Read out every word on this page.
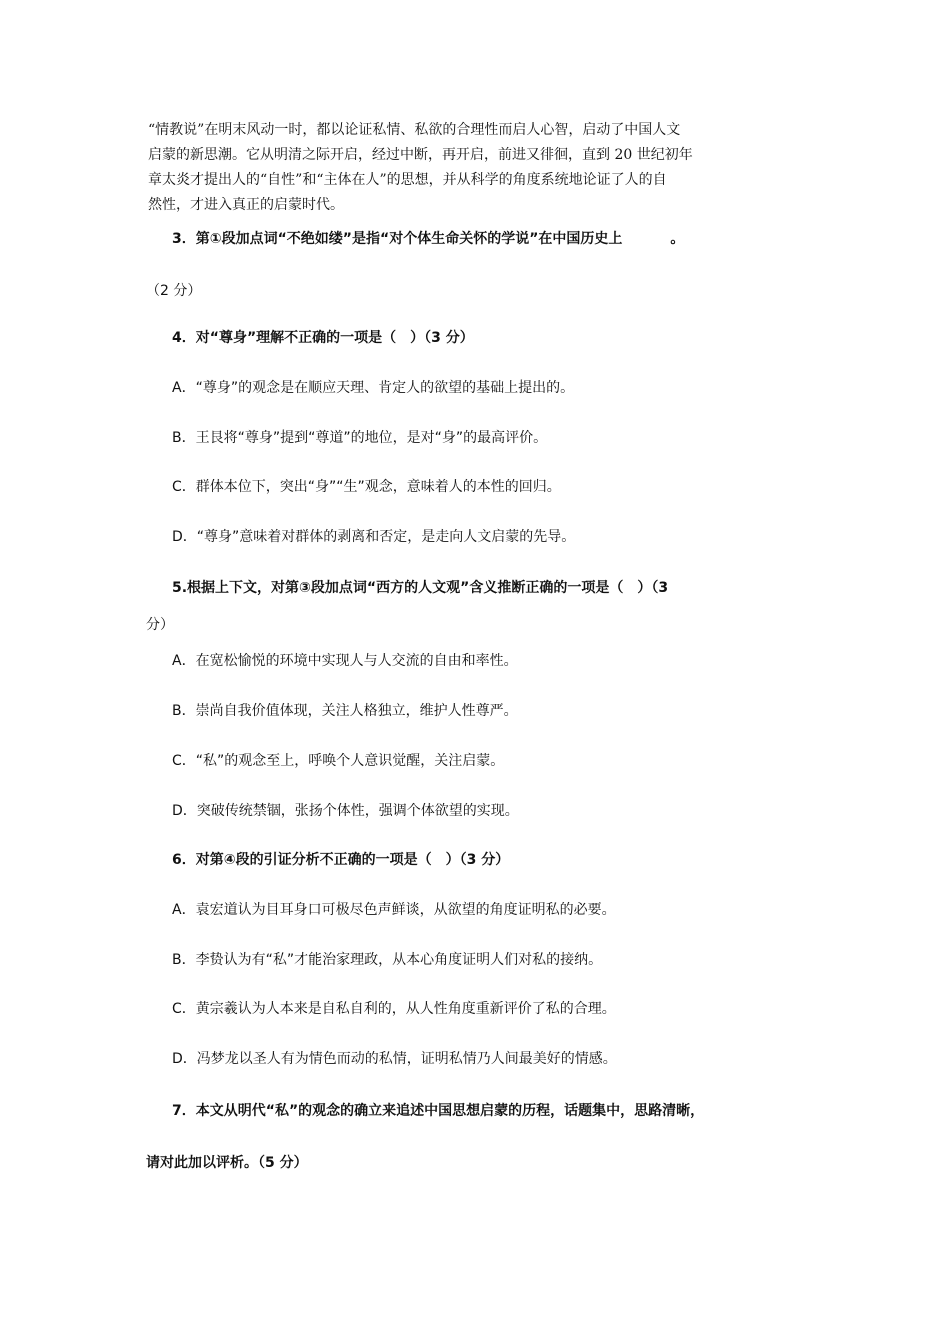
“情教说”在明末风动一时，都以论证私情、私欲的合理性而启人心智，启动了中国人文

启蒙的新思潮。它从明清之际开启，经过中断，再开启，前进又徘徊，直到 20 世纪初年

章太炎才提出人的“自性”和“主体在人”的思想，并从科学的角度系统地论证了人的自

然性，才进入真正的启蒙时代。

3．第①段加点词“不绝如缕”是指“对个体生命关怀的学说”在中国历史上	。
（2 分）
4．对“尊身”理解不正确的一项是（　）（3 分）
A．“尊身”的观念是在顺应天理、肯定人的欲望的基础上提出的。
B．王艮将“尊身”提到“尊道”的地位，是对“身”的最高评价。
C．群体本位下，突出“身”“生”观念，意味着人的本性的回归。
D．“尊身”意味着对群体的剥离和否定，是走向人文启蒙的先导。
5.根据上下文，对第③段加点词“西方的人文观”含义推断正确的一项是（　）（3
分）
A．在宽松愉悦的环境中实现人与人交流的自由和率性。
B．崇尚自我价值体现，关注人格独立，维护人性尊严。
C．“私”的观念至上，呼唤个人意识觉醒，关注启蒙。
D．突破传统禁锢，张扬个体性，强调个体欲望的实现。
6．对第④段的引证分析不正确的一项是（　）（3 分）
A．袁宏道认为目耳身口可极尽色声鲜谈，从欲望的角度证明私的必要。
B．李贽认为有“私”才能治家理政，从本心角度证明人们对私的接纳。
C．黄宗羲认为人本来是自私自利的，从人性角度重新评价了私的合理。
D．冯梦龙以圣人有为情色而动的私情，证明私情乃人间最美好的情感。
7．本文从明代“私”的观念的确立来追述中国思想启蒙的历程，话题集中，思路清晰，
请对此加以评析。（5 分）
